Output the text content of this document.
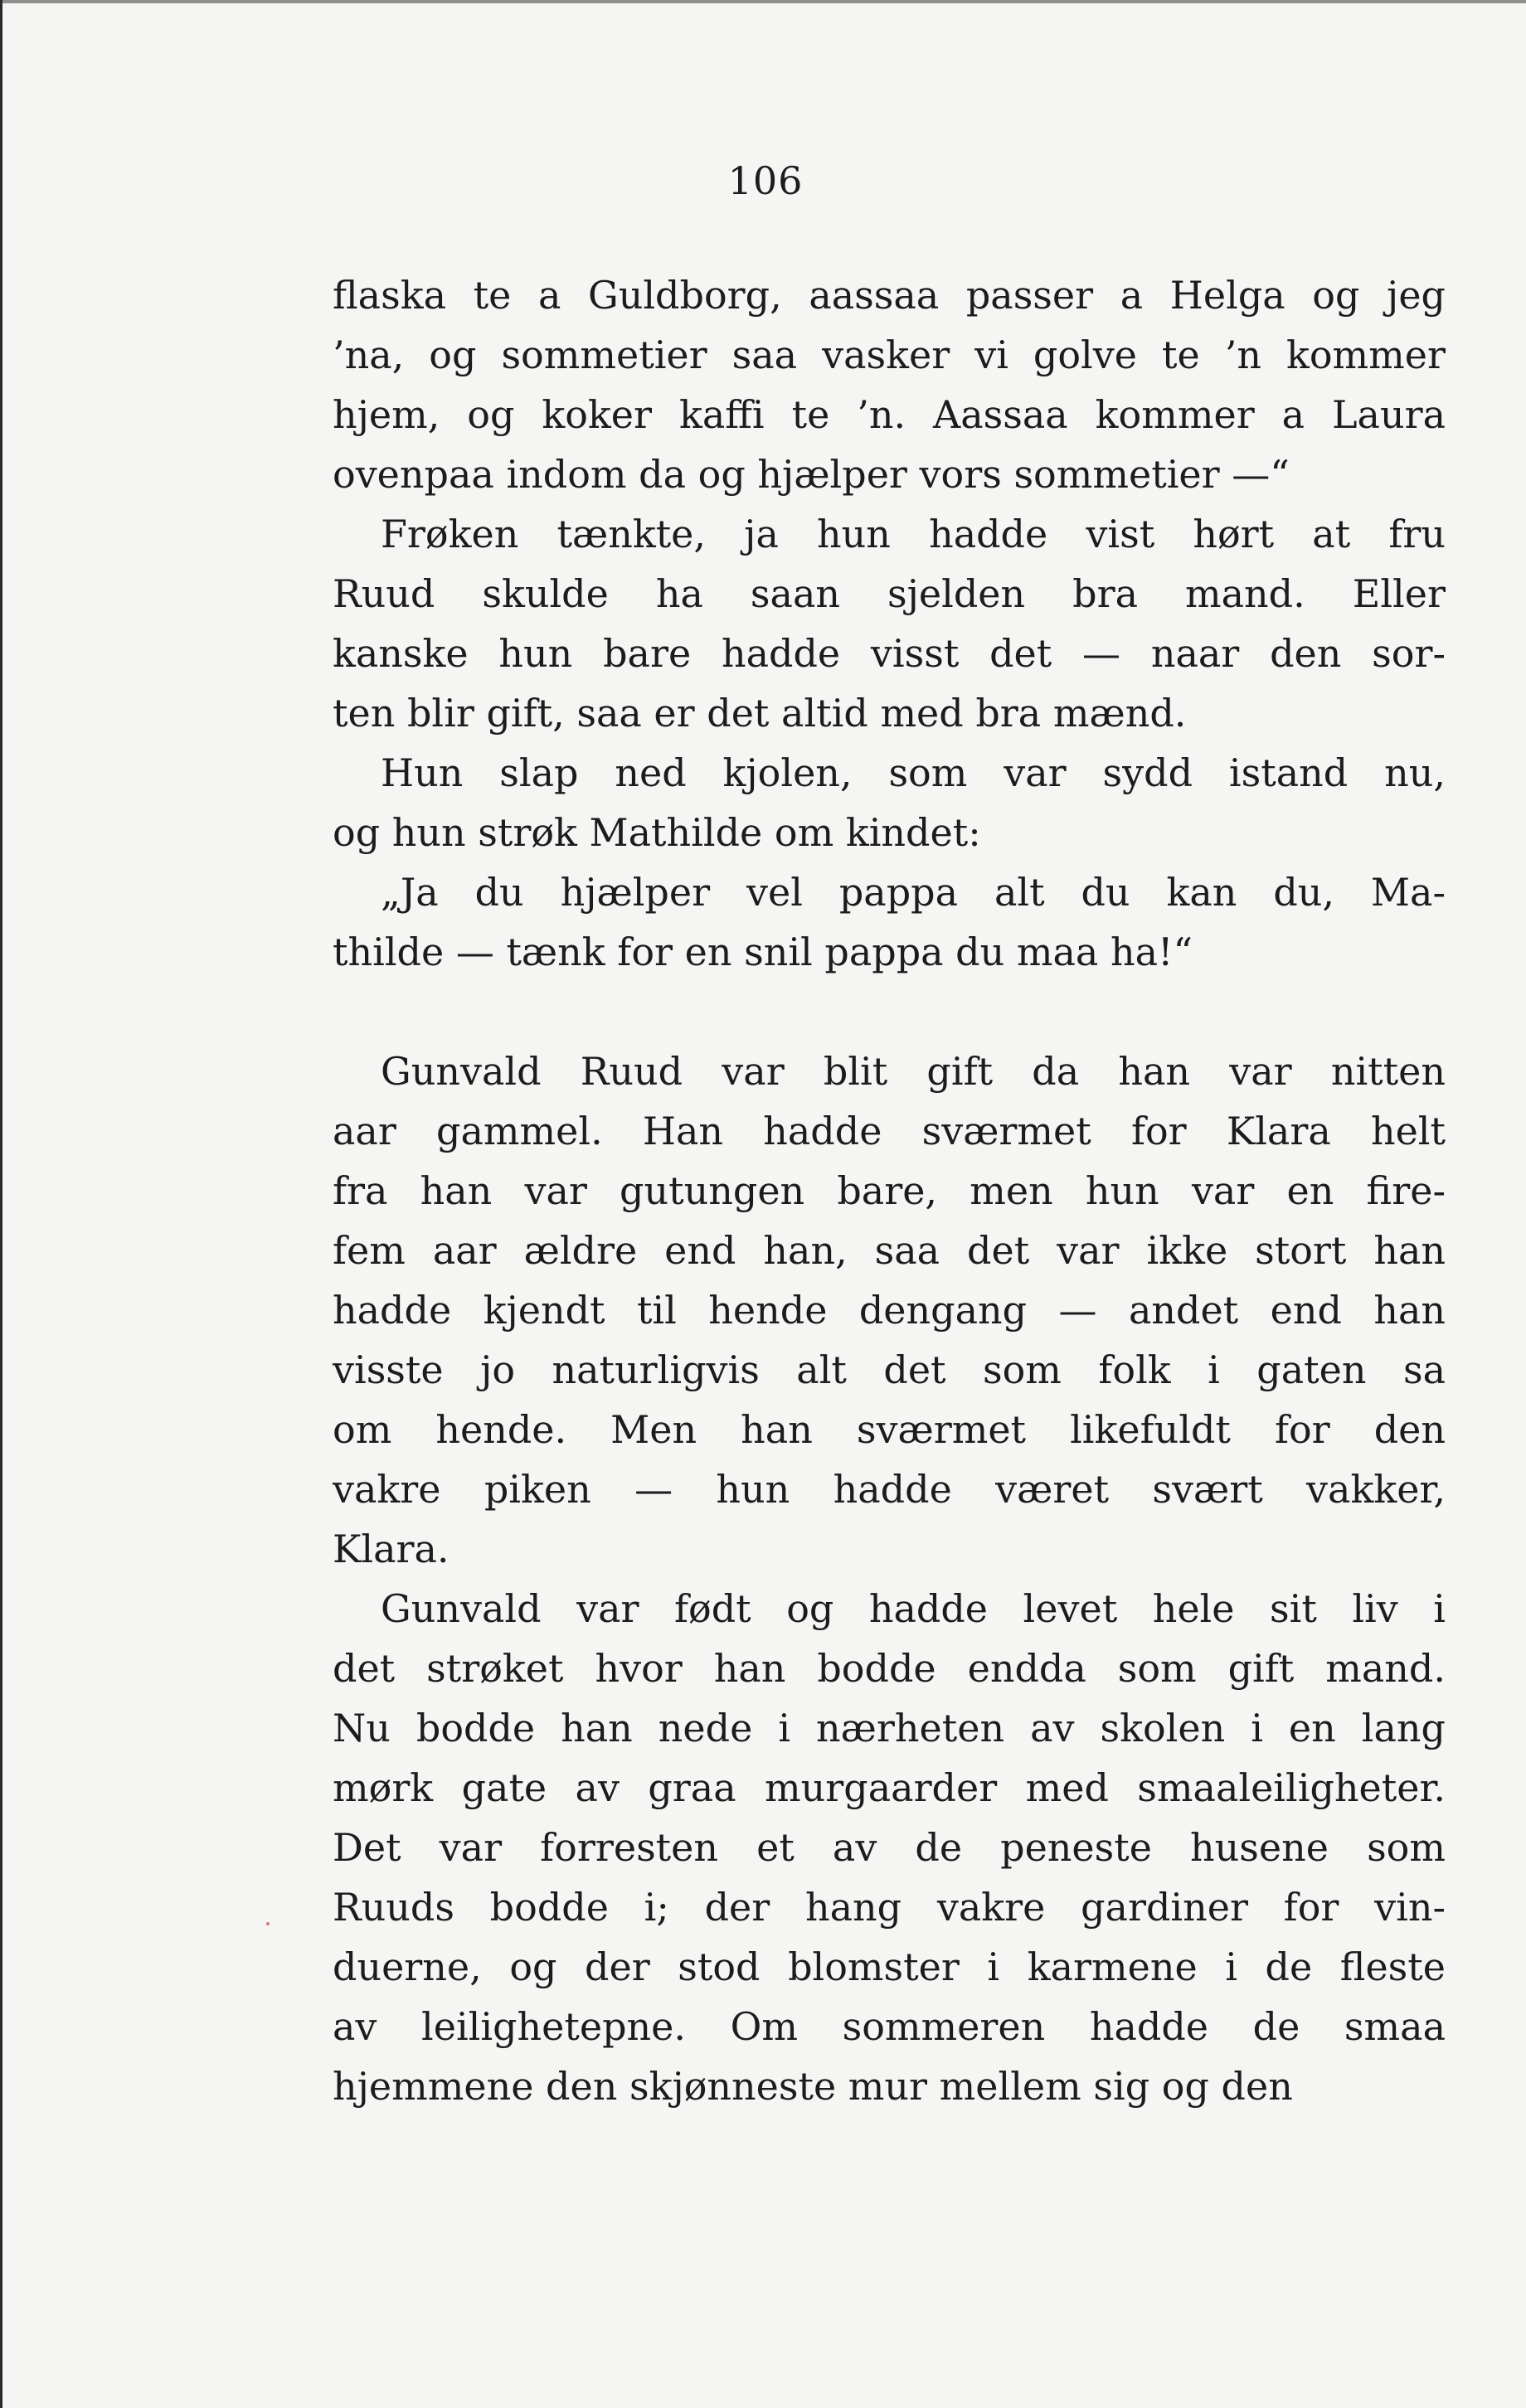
106

flaska te a Guldborg, aassaa passer a Helga og jeg
’na, og sommetier saa vasker vi golve te ’n kommer
hjem, og koker kaffi te ’n. Aassaa kommer a Laura
ovenpaa indom da og hjælper vors sommetier —“

Frøken tænkte, ja hun hadde vist hørt at fru
Ruud skulde ha saan sjelden bra mand. Eller
kanske hun bare hadde visst det — naar den sor-
ten blir gift, saa er det altid med bra mænd.

Hun slap ned kjolen, som var sydd istand nu,
og hun strøk Mathilde om kindet:

„Ja du hjælper vel pappa alt du kan du, Ma-
thilde — tænk for en snil pappa du maa ha!“

Gunvald Ruud var blit gift da han var nitten
aar gammel. Han hadde sværmet for Klara helt
fra han var gutungen bare, men hun var en fire-
fem aar ældre end han, saa det var ikke stort han
hadde kjendt til hende dengang — andet end han
visste jo naturligvis alt det som folk i gaten sa
om hende. Men han sværmet likefuldt for den
vakre piken — hun hadde været svært vakker,
Klara.

Gunvald var født og hadde levet hele sit liv i
det strøket hvor han bodde endda som gift mand.
Nu bodde han nede i nærheten av skolen i en lang
mørk gate av graa murgaarder med smaaleiligheter.
Det var forresten et av de peneste husene som
Ruuds bodde i; der hang vakre gardiner for vin-
duerne, og der stod blomster i karmene i de fleste
av leilighetерne. Om sommeren hadde de smaa
hjemmene den skjønneste mur mellem sig og den
